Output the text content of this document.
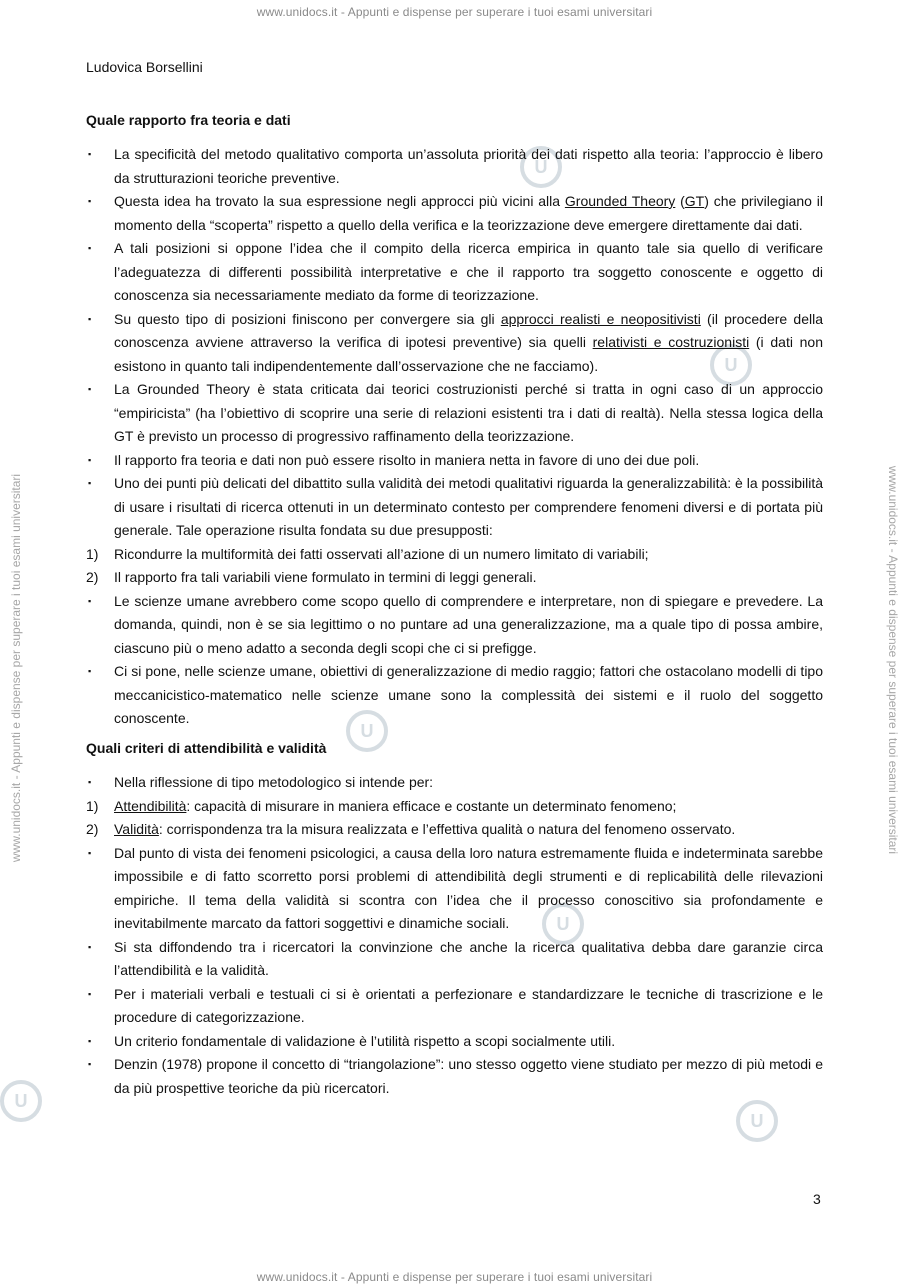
www.unidocs.it - Appunti e dispense per superare i tuoi esami universitari
www.unidocs.it - Appunti e dispense per superare i tuoi esami universitari
www.unidocs.it - Appunti e dispense per superare i tuoi esami universitari	www.unidocs.it - Appunti e dispense per superare i tuoi esami universitari
U
U
U
U
U
U

Ludovica Borsellini

Quale rapporto fra teoria e dati

▪ La specificità del metodo qualitativo comporta un’assoluta priorità dei dati rispetto alla teoria: l’approccio è libero da strutturazioni teoriche preventive.
▪ Questa idea ha trovato la sua espressione negli approcci più vicini alla Grounded Theory (GT) che privilegiano il momento della “scoperta” rispetto a quello della verifica e la teorizzazione deve emergere direttamente dai dati.
▪ A tali posizioni si oppone l’idea che il compito della ricerca empirica in quanto tale sia quello di verificare l’adeguatezza di differenti possibilità interpretative e che il rapporto tra soggetto conoscente e oggetto di conoscenza sia necessariamente mediato da forme di teorizzazione.
▪ Su questo tipo di posizioni finiscono per convergere sia gli approcci realisti e neopositivisti (il procedere della conoscenza avviene attraverso la verifica di ipotesi preventive) sia quelli relativisti e costruzionisti (i dati non esistono in quanto tali indipendentemente dall’osservazione che ne facciamo).
▪ La Grounded Theory è stata criticata dai teorici costruzionisti perché si tratta in ogni caso di un approccio “empiricista” (ha l’obiettivo di scoprire una serie di relazioni esistenti tra i dati di realtà). Nella stessa logica della GT è previsto un processo di progressivo raffinamento della teorizzazione.
▪ Il rapporto fra teoria e dati non può essere risolto in maniera netta in favore di uno dei due poli.
▪ Uno dei punti più delicati del dibattito sulla validità dei metodi qualitativi riguarda la generalizzabilità: è la possibilità di usare i risultati di ricerca ottenuti in un determinato contesto per comprendere fenomeni diversi e di portata più generale. Tale operazione risulta fondata su due presupposti:
1) Ricondurre la multiformità dei fatti osservati all’azione di un numero limitato di variabili;
2) Il rapporto fra tali variabili viene formulato in termini di leggi generali.
▪ Le scienze umane avrebbero come scopo quello di comprendere e interpretare, non di spiegare e prevedere. La domanda, quindi, non è se sia legittimo o no puntare ad una generalizzazione, ma a quale tipo di possa ambire, ciascuno più o meno adatto a seconda degli scopi che ci si prefigge.
▪ Ci si pone, nelle scienze umane, obiettivi di generalizzazione di medio raggio; fattori che ostacolano modelli di tipo meccanicistico-matematico nelle scienze umane sono la complessità dei sistemi e il ruolo del soggetto conoscente.

Quali criteri di attendibilità e validità

▪ Nella riflessione di tipo metodologico si intende per:
1) Attendibilità: capacità di misurare in maniera efficace e costante un determinato fenomeno;
2) Validità: corrispondenza tra la misura realizzata e l’effettiva qualità o natura del fenomeno osservato.
▪ Dal punto di vista dei fenomeni psicologici, a causa della loro natura estremamente fluida e indeterminata sarebbe impossibile e di fatto scorretto porsi problemi di attendibilità degli strumenti e di replicabilità delle rilevazioni empiriche. Il tema della validità si scontra con l’idea che il processo conoscitivo sia profondamente e inevitabilmente marcato da fattori soggettivi e dinamiche sociali.
▪ Si sta diffondendo tra i ricercatori la convinzione che anche la ricerca qualitativa debba dare garanzie circa l’attendibilità e la validità.
▪ Per i materiali verbali e testuali ci si è orientati a perfezionare e standardizzare le tecniche di trascrizione e le procedure di categorizzazione.
▪ Un criterio fondamentale di validazione è l’utilità rispetto a scopi socialmente utili.
▪ Denzin (1978) propone il concetto di “triangolazione”: uno stesso oggetto viene studiato per mezzo di più metodi e da più prospettive teoriche da più ricercatori.
3
